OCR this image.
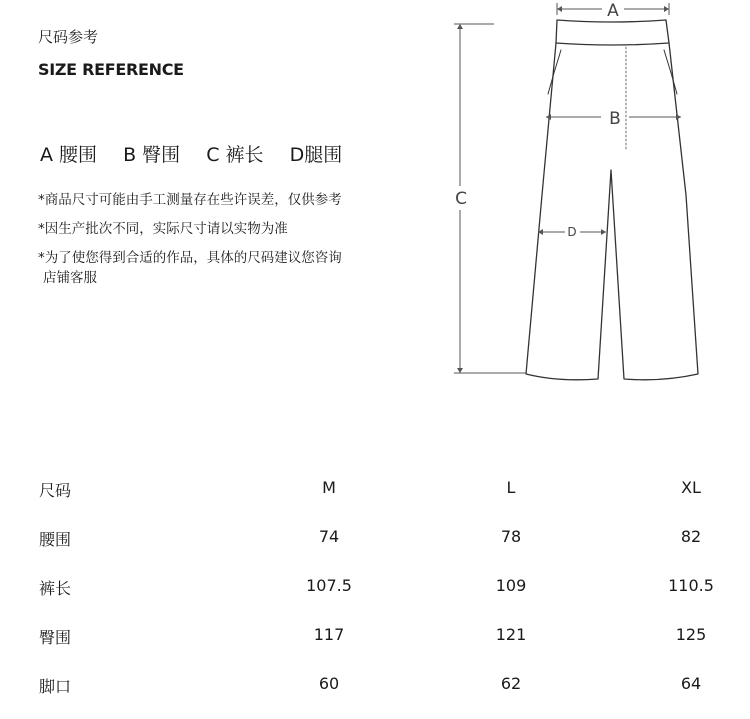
尺码参考
SIZE REFERENCE
A 腰围 B 臀围 C 裤长 D腿围
*商品尺寸可能由手工测量存在些许误差，仅供参考
*因生产批次不同，实际尺寸请以实物为准
*为了使您得到合适的作品，具体的尺码建议您咨询
店铺客服
A
B
C
D
尺码	M	L	XL
腰围	74	78	82
裤长	107.5	109	110.5
臀围	117	121	125
脚口	60	62	64
